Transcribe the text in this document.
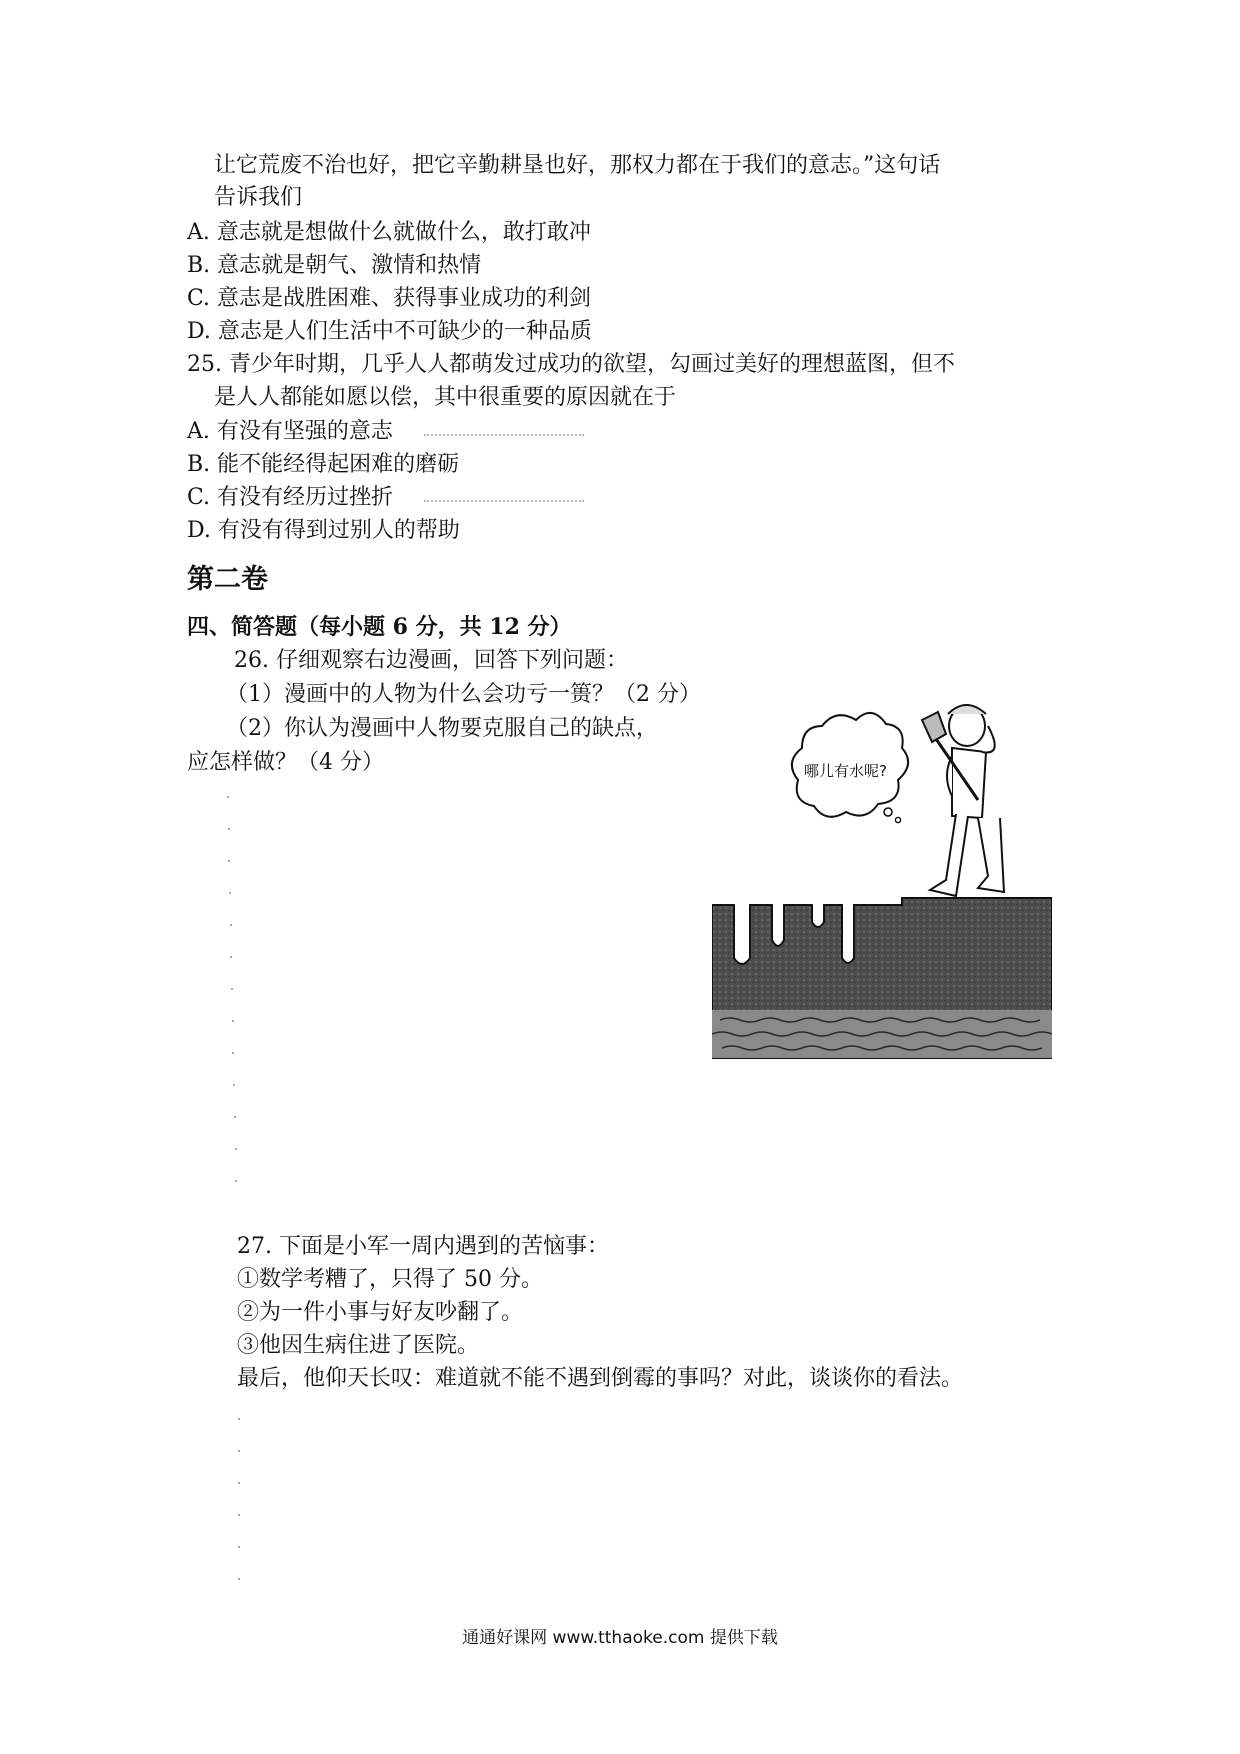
让它荒废不治也好，把它辛勤耕垦也好，那权力都在于我们的意志。”这句话
告诉我们
A. 意志就是想做什么就做什么，敢打敢冲
B. 意志就是朝气、激情和热情
C. 意志是战胜困难、获得事业成功的利剑
D. 意志是人们生活中不可缺少的一种品质
25. 青少年时期，几乎人人都萌发过成功的欲望，勾画过美好的理想蓝图，但不
是人人都能如愿以偿，其中很重要的原因就在于
A. 有没有坚强的意志
B. 能不能经得起困难的磨砺
C. 有没有经历过挫折
D. 有没有得到过别人的帮助
第二卷
四、简答题（每小题 6 分，共 12 分）
26. 仔细观察右边漫画，回答下列问题：
（1）漫画中的人物为什么会功亏一篑？（2 分）
（2）你认为漫画中人物要克服自己的缺点，
应怎样做？（4 分）	哪儿有水呢?
27. 下面是小军一周内遇到的苦恼事：
①数学考糟了，只得了 50 分。
②为一件小事与好友吵翻了。
③他因生病住进了医院。
最后，他仰天长叹：难道就不能不遇到倒霉的事吗？对此，谈谈你的看法。
通通好课网 www.tthaoke.com 提供下载
